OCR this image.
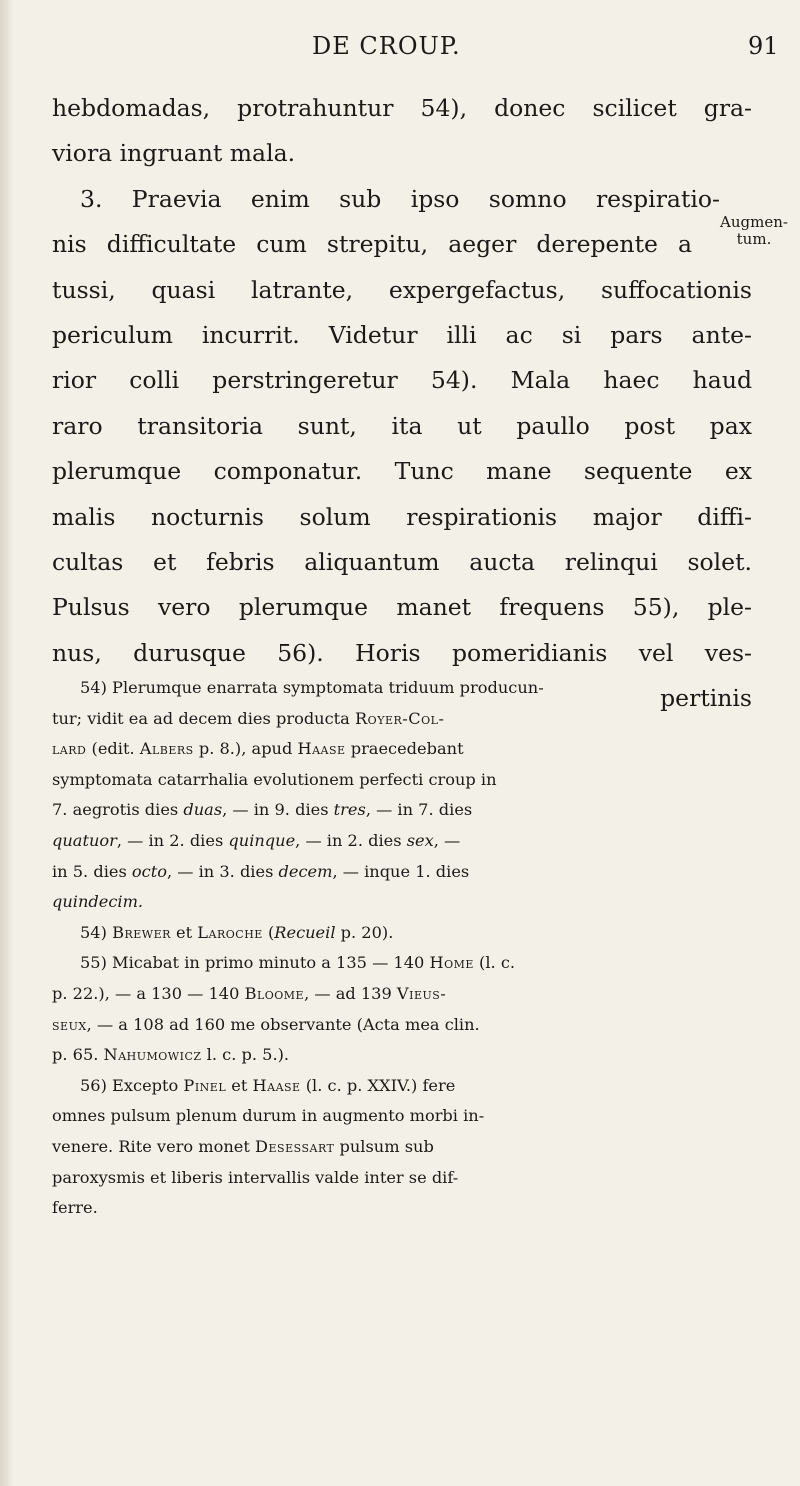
DE CROUP.	91
Augmen-
tum.
hebdomadas, protrahuntur 54), donec scilicet gra-
viora ingruant mala.
3. Praevia enim sub ipso somno respiratio-
nis difficultate cum strepitu, aeger derepente a
tussi, quasi latrante, expergefactus, suffocationis
periculum incurrit. Videtur illi ac si pars ante-
rior colli perstringeretur 54). Mala haec haud
raro transitoria sunt, ita ut paullo post pax
plerumque componatur. Tunc mane sequente ex
malis nocturnis solum respirationis major diffi-
cultas et febris aliquantum aucta relinqui solet.
Pulsus vero plerumque manet frequens 55), ple-
nus, durusque 56). Horis pomeridianis vel ves-
pertinis
54) Plerumque enarrata symptomata triduum producun-
tur; vidit ea ad decem dies producta Royer-Col-
lard (edit. Albers p. 8.), apud Haase praecedebant
symptomata catarrhalia evolutionem perfecti croup in
7. aegrotis dies duas, — in 9. dies tres, — in 7. dies
quatuor, — in 2. dies quinque, — in 2. dies sex, —
in 5. dies octo, — in 3. dies decem, — inque 1. dies
quindecim.
54) Brewer et Laroche (Recueil p. 20).
55) Micabat in primo minuto a 135 — 140 Home (l. c.
p. 22.), — a 130 — 140 Bloome, — ad 139 Vieus-
seux, — a 108 ad 160 me observante (Acta mea clin.
p. 65. Nahumowicz l. c. p. 5.).
56) Excepto Pinel et Haase (l. c. p. XXIV.) fere
omnes pulsum plenum durum in augmento morbi in-
venere. Rite vero monet Desessart pulsum sub
paroxysmis et liberis intervallis valde inter se dif-
ferre.
